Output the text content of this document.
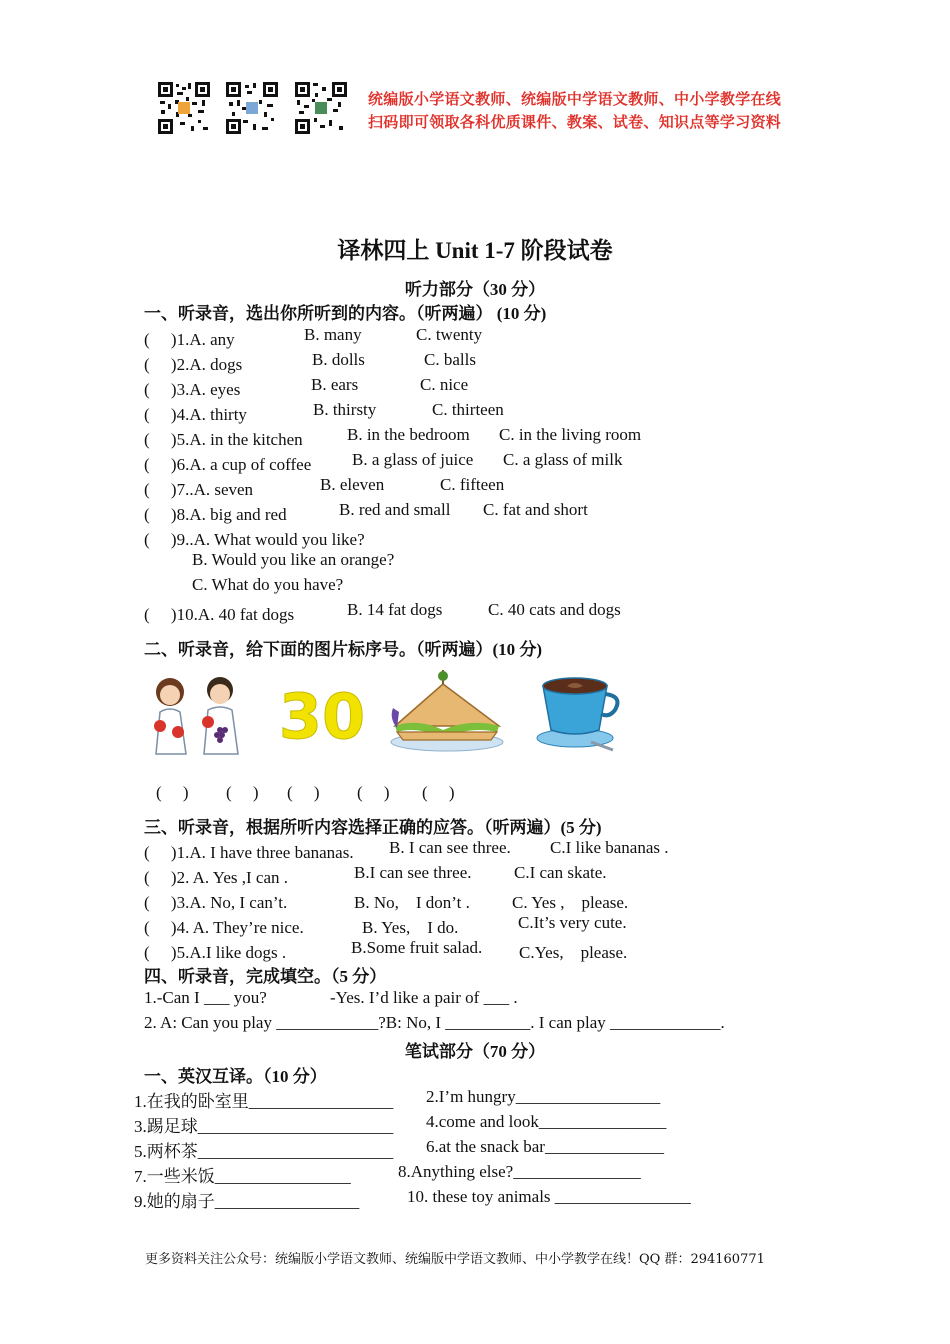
统编版小学语文教师、统编版中学语文教师、中小学教学在线
扫码即可领取各科优质课件、教案、试卷、知识点等学习资料
译林四上 Unit 1-7 阶段试卷
听力部分（30 分）
一、听录音，选出你所听到的内容。（听两遍） (10 分)
(　 )1.A. any	B. many	C. twenty
(　 )2.A. dogs	B. dolls	C. balls
(　 )3.A. eyes	B. ears	C. nice
(　 )4.A. thirty	B. thirsty	C. thirteen
(　 )5.A. in the kitchen	B. in the bedroom C. in the living room
(　 )6.A. a cup of coffee B. a glass of juice C. a glass of milk
(　 )7..A. seven	B. eleven	C. fifteen
(　 )8.A. big and red	B. red and small C. fat and short
(　 )9..A. What would you like?
B. Would you like an orange?
C. What do you have?
(　 )10.A. 40 fat dogs	B. 14 fat dogs	C. 40 cats and dogs
二、听录音，给下面的图片标序号。（听两遍）(10 分)
30
(　 ) (　 ) (　 ) (　 ) (　 )
三、听录音，根据所听内容选择正确的应答。（听两遍）(5 分)
(　 )1.A. I have three bananas. B. I can see three. C.I like bananas .
(　 )2. A. Yes ,I can .	B.I can see three. C.I can skate.
(　 )3.A. No, I can’t.	B. No,　I don’t . C. Yes ,　please.
(　 )4. A. They’re nice.	B. Yes,　I do.	C.It’s very cute.
(　 )5.A.I like dogs .	B.Some fruit salad. C.Yes,　please.
四、听录音，完成填空。（5 分）
1.-Can I ___ you?	-Yes. I’d like a pair of ___ .
2. A: Can you play ____________?B: No, I __________. I can play _____________.
笔试部分（70 分）
一、英汉互译。（10 分）
1.在我的卧室里_________________ 2.I’m hungry_________________
3.踢足球_______________________ 4.come and look_______________
5.两杯茶_______________________ 6.at the snack bar______________
7.一些米饭________________	8.Anything else?_______________
9.她的扇子_________________	10. these toy animals ________________
更多资料关注公众号：统编版小学语文教师、统编版中学语文教师、中小学教学在线！QQ 群：294160771
